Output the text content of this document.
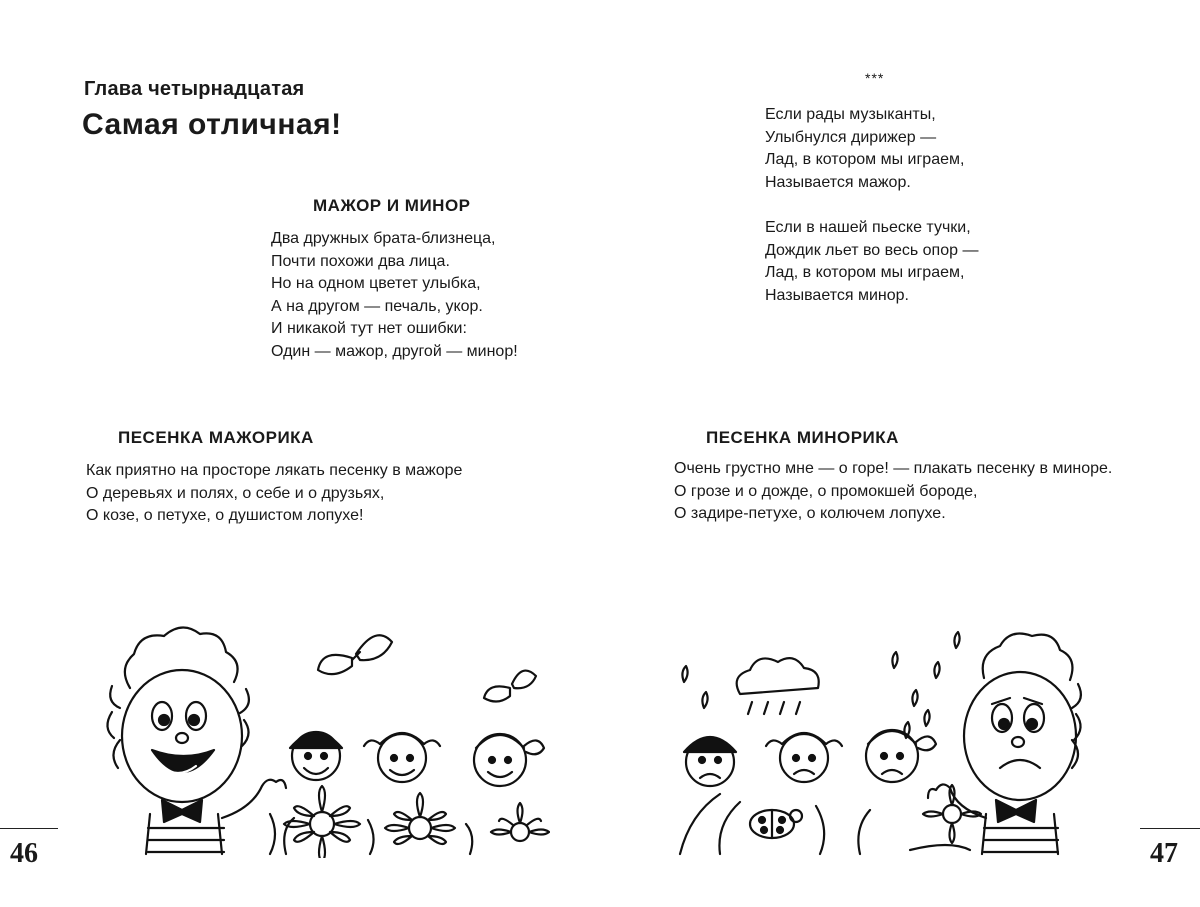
Глава четырнадцатая
Самая отличная!
МАЖОР И МИНОР
Два дружных брата-близнеца,
Почти похожи два лица.
Но на одном цветет улыбка,
А на другом — печаль, укор.
И никакой тут нет ошибки:
Один — мажор, другой — минор!
ПЕСЕНКА МАЖОРИКА
Как приятно на просторе лякать песенку в мажоре
О деревьях и полях, о себе и о друзьях,
О козе, о петухе, о душистом лопухе!
46
***
Если рады музыканты,
Улыбнулся дирижер —
Лад, в котором мы играем,
Называется мажор.
Если в нашей пьеске тучки,
Дождик льет во весь опор —
Лад, в котором мы играем,
Называется минор.
ПЕСЕНКА МИНОРИКА
Очень грустно мне — о горе! — плакать песенку в миноре.
О грозе и о дожде, о промокшей бороде,
О задире-петухе, о колючем лопухе.
47
